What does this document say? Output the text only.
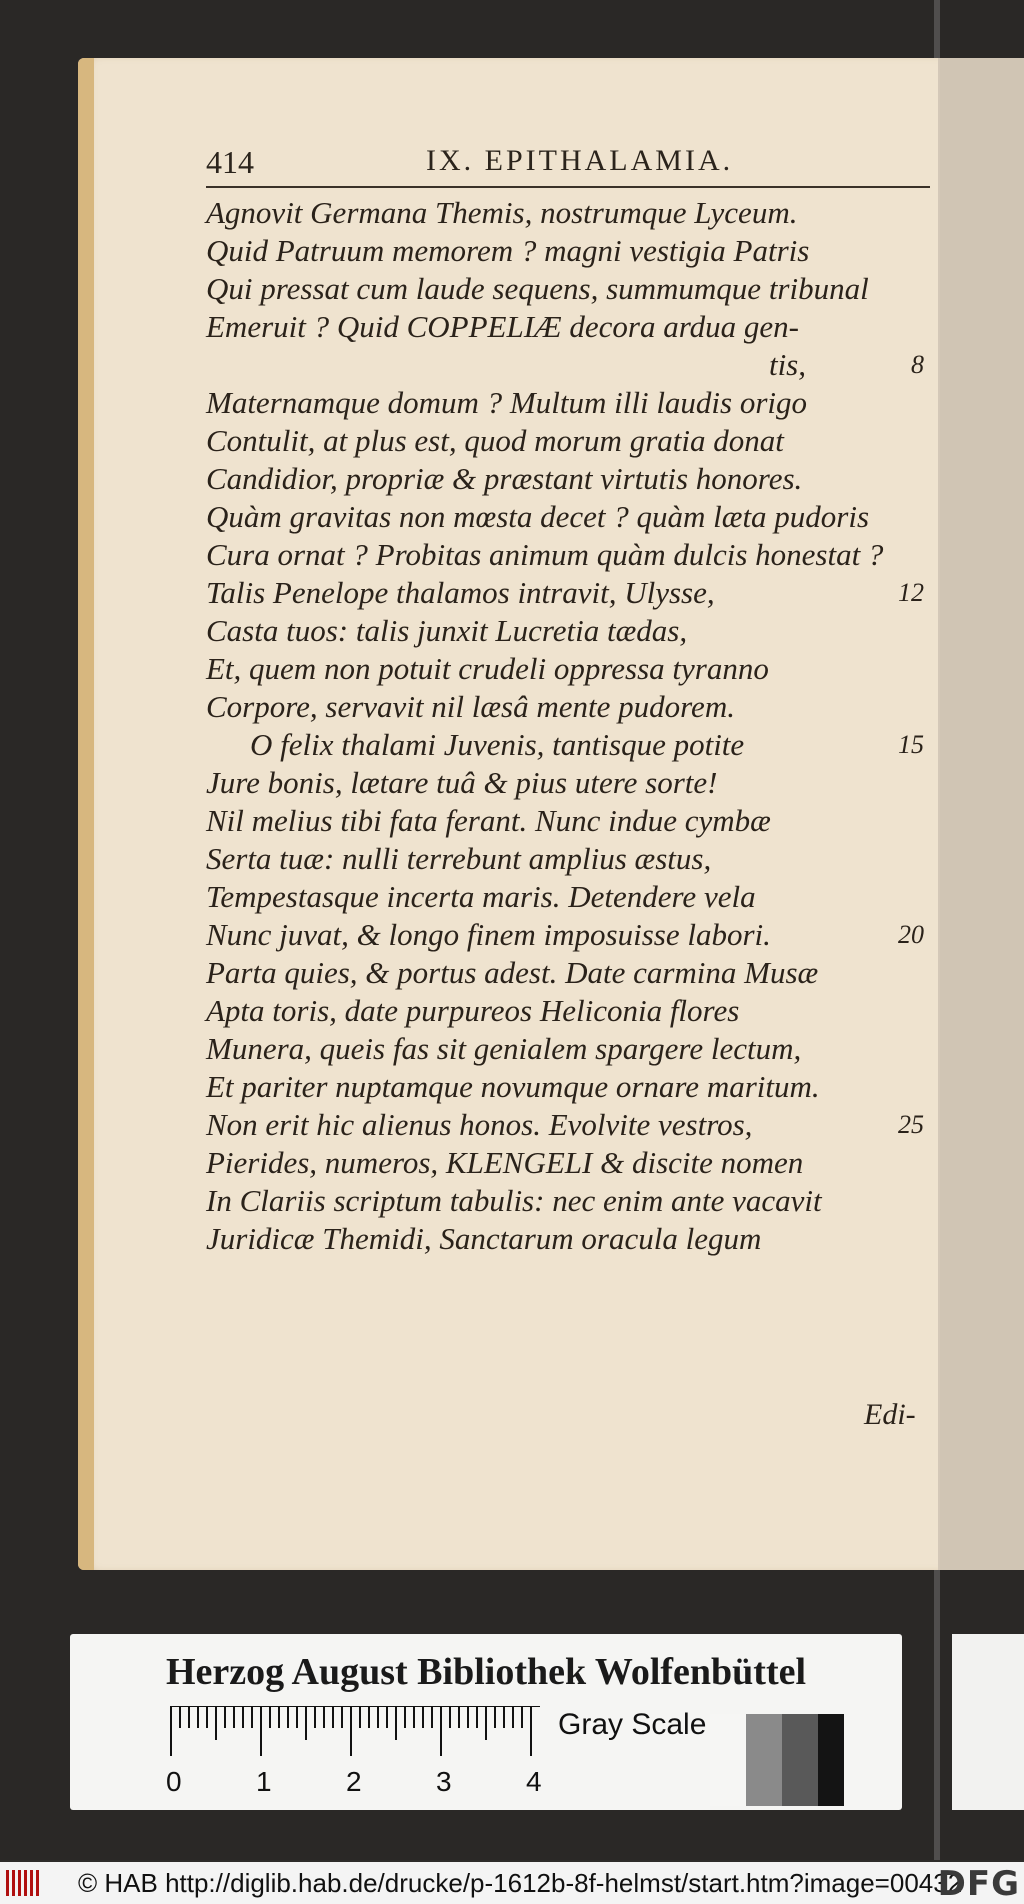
414	IX. EPITHALAMIA.
Agnovit Germana Themis, nostrumque Lyceum.
Quid Patruum memorem ? magni vestigia Patris
Qui pressat cum laude sequens, summumque tribunal
Emeruit ? Quid COPPELIÆ decora ardua gen-
tis,	8
Maternamque domum ? Multum illi laudis origo
Contulit, at plus est, quod morum gratia donat
Candidior, propriæ & præstant virtutis honores.
Quàm gravitas non mœsta decet ? quàm læta pudoris
Cura ornat ? Probitas animum quàm dulcis honestat ?
Talis Penelope thalamos intravit, Ulysse,	12
Casta tuos: talis junxit Lucretia tædas,
Et, quem non potuit crudeli oppressa tyranno
Corpore, servavit nil læsâ mente pudorem.
O felix thalami Juvenis, tantisque potite	15
Jure bonis, lætare tuâ & pius utere sorte!
Nil melius tibi fata ferant. Nunc indue cymbæ
Serta tuæ: nulli terrebunt amplius æstus,
Tempestasque incerta maris. Detendere vela
Nunc juvat, & longo finem imposuisse labori.	20
Parta quies, & portus adest. Date carmina Musæ
Apta toris, date purpureos Heliconia flores
Munera, queis fas sit genialem spargere lectum,
Et pariter nuptamque novumque ornare maritum.
Non erit hic alienus honos. Evolvite vestros,	25
Pierides, numeros, KLENGELI & discite nomen
In Clariis scriptum tabulis: nec enim ante vacavit
Juridicæ Themidi, Sanctarum oracula legum
Edi-
Herzog August Bibliothek Wolfenbüttel
0	1	2	3	4
Gray Scale
© HAB http://diglib.hab.de/drucke/p-1612b-8f-helmst/start.htm?image=00432
DFG
